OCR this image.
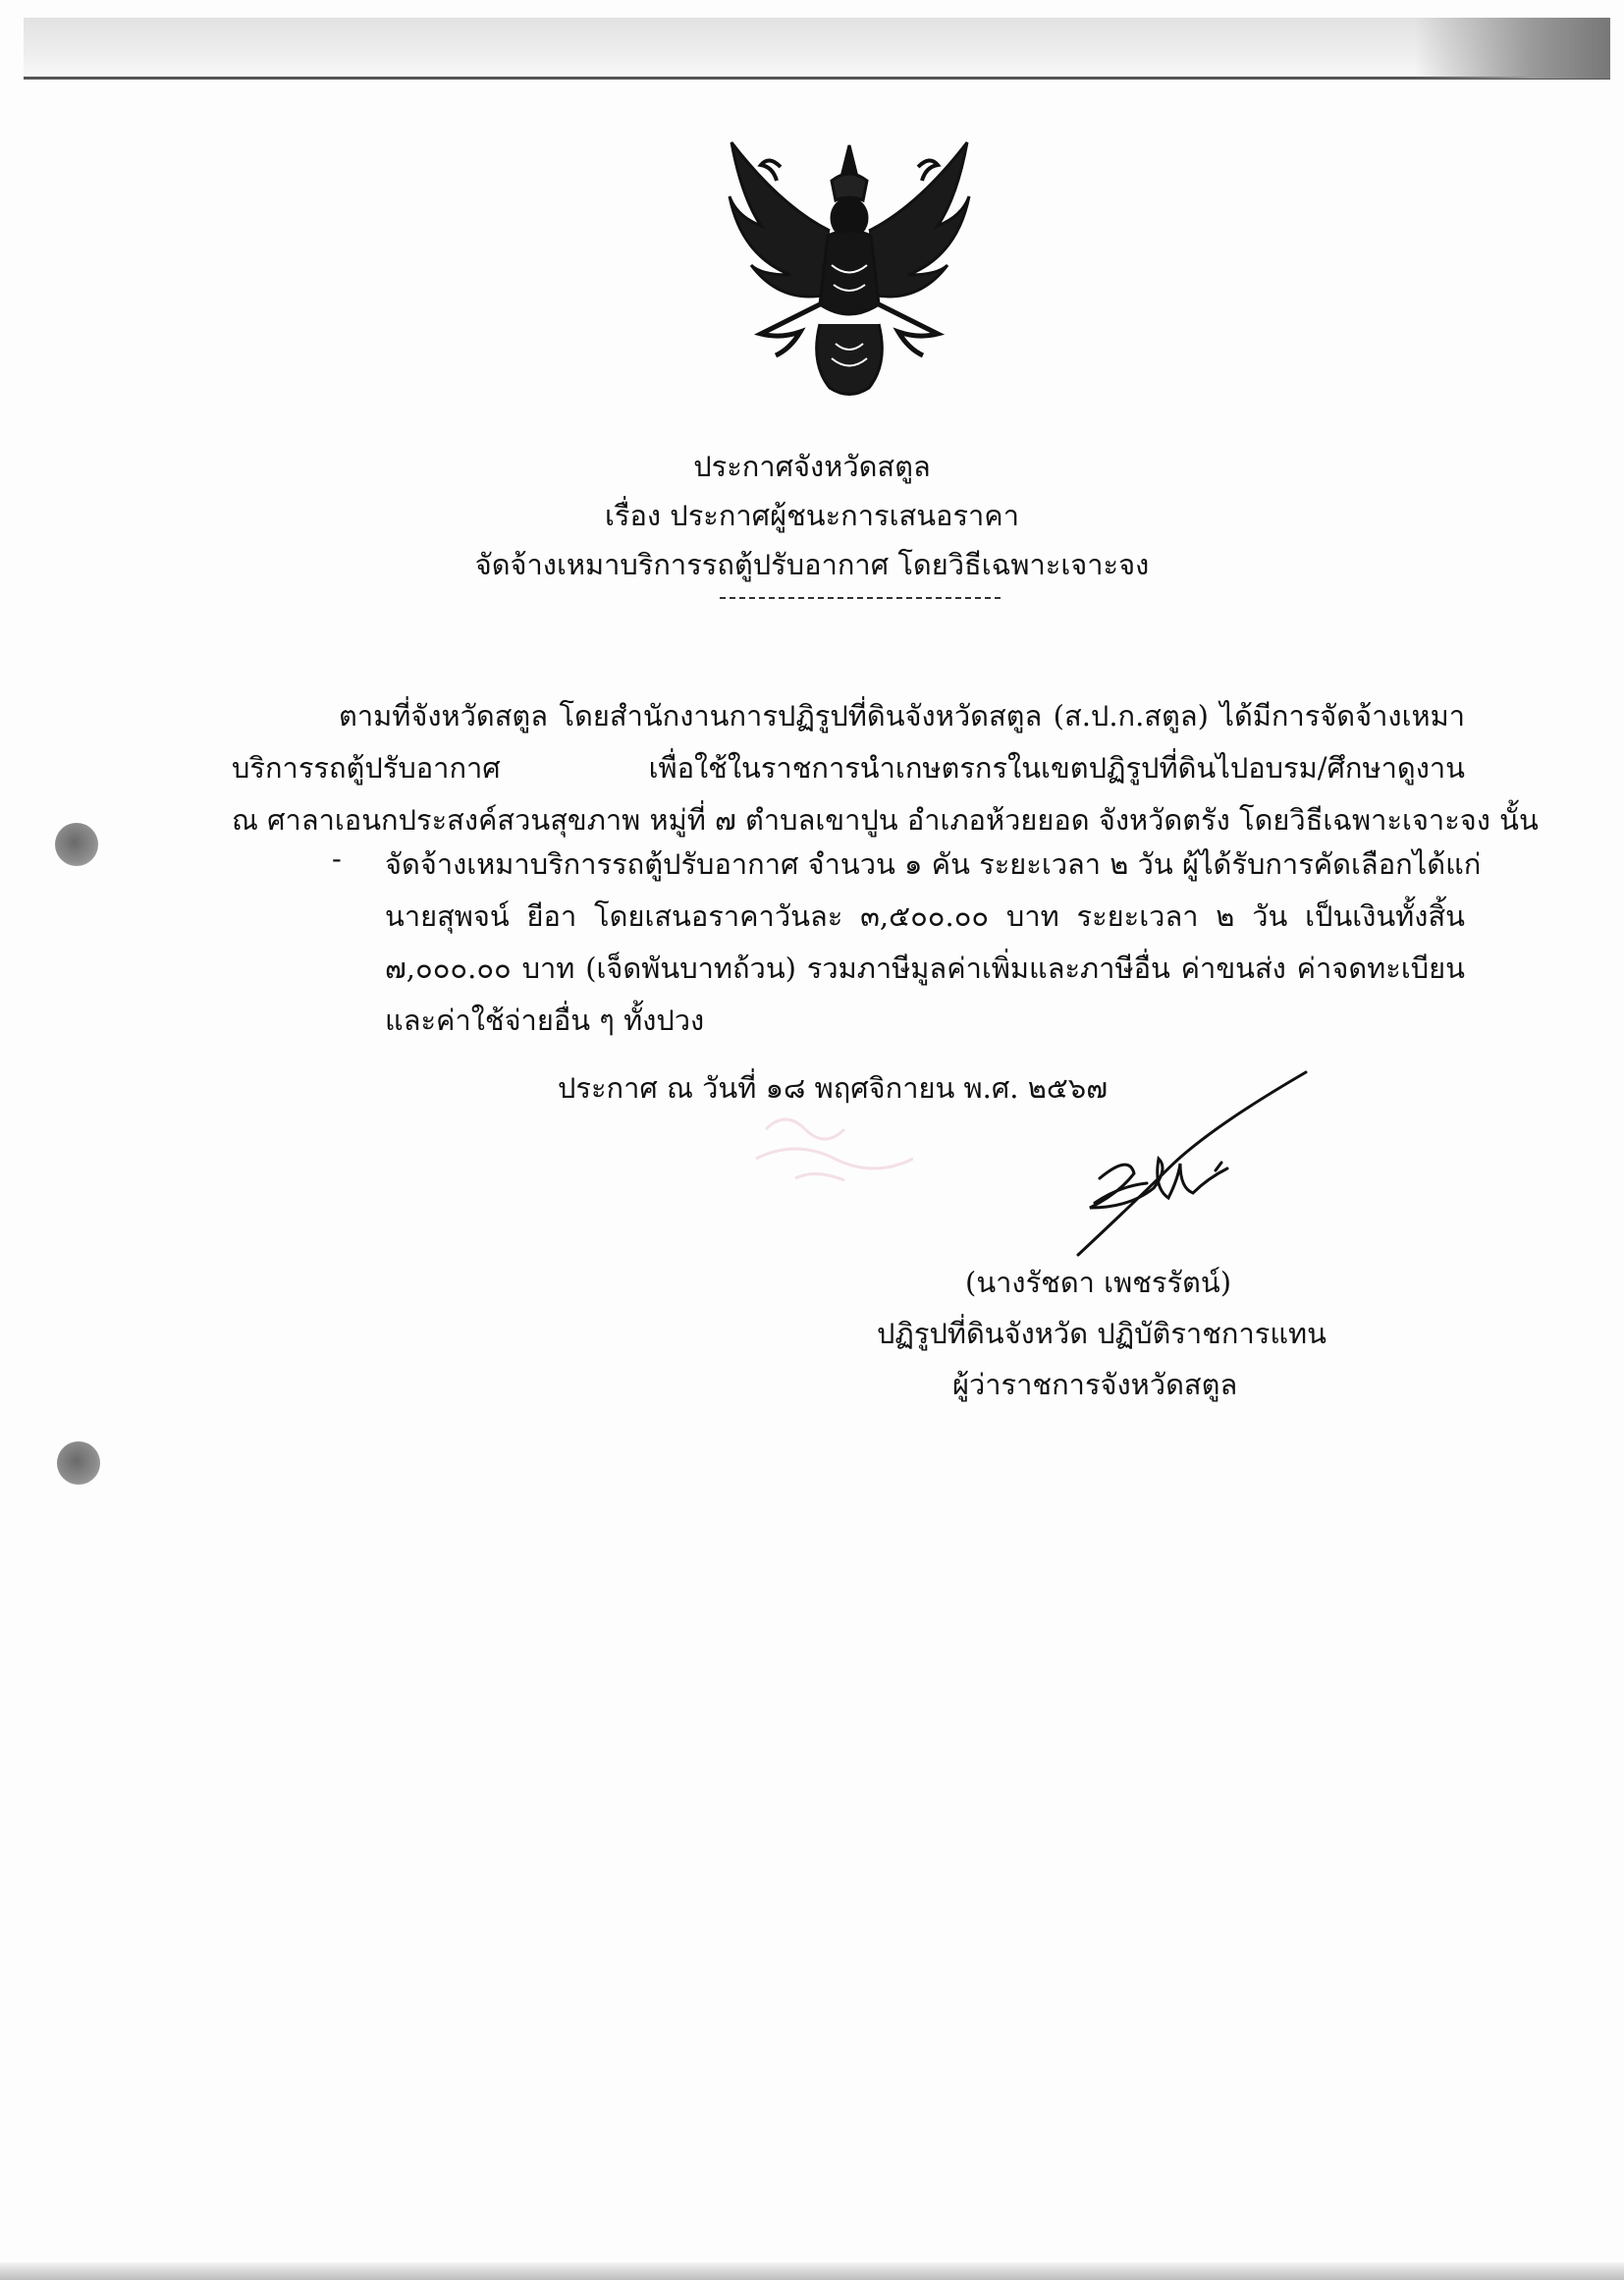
ประกาศจังหวัดสตูล
เรื่อง ประกาศผู้ชนะการเสนอราคา
จัดจ้างเหมาบริการรถตู้ปรับอากาศ โดยวิธีเฉพาะเจาะจง
ตามที่จังหวัดสตูล โดยสำนักงานการปฏิรูปที่ดินจังหวัดสตูล (ส.ป.ก.สตูล) ได้มีการจัดจ้างเหมา
บริการรถตู้ปรับอากาศ เพื่อใช้ในราชการนำเกษตรกรในเขตปฏิรูปที่ดินไปอบรม/ศึกษาดูงาน
ณ ศาลาเอนกประสงค์สวนสุขภาพ หมู่ที่ ๗ ตำบลเขาปูน อำเภอห้วยยอด จังหวัดตรัง โดยวิธีเฉพาะเจาะจง นั้น
- จัดจ้างเหมาบริการรถตู้ปรับอากาศ จำนวน ๑ คัน ระยะเวลา ๒ วัน ผู้ได้รับการคัดเลือกได้แก่
นายสุพจน์ ยีอา โดยเสนอราคาวันละ ๓,๕๐๐.๐๐ บาท ระยะเวลา ๒ วัน เป็นเงินทั้งสิ้น
๗,๐๐๐.๐๐ บาท (เจ็ดพันบาทถ้วน) รวมภาษีมูลค่าเพิ่มและภาษีอื่น ค่าขนส่ง ค่าจดทะเบียน
และค่าใช้จ่ายอื่น ๆ ทั้งปวง
ประกาศ ณ วันที่ ๑๘ พฤศจิกายน พ.ศ. ๒๕๖๗
(นางรัชดา เพชรรัตน์)
ปฏิรูปที่ดินจังหวัด ปฏิบัติราชการแทน
ผู้ว่าราชการจังหวัดสตูล
